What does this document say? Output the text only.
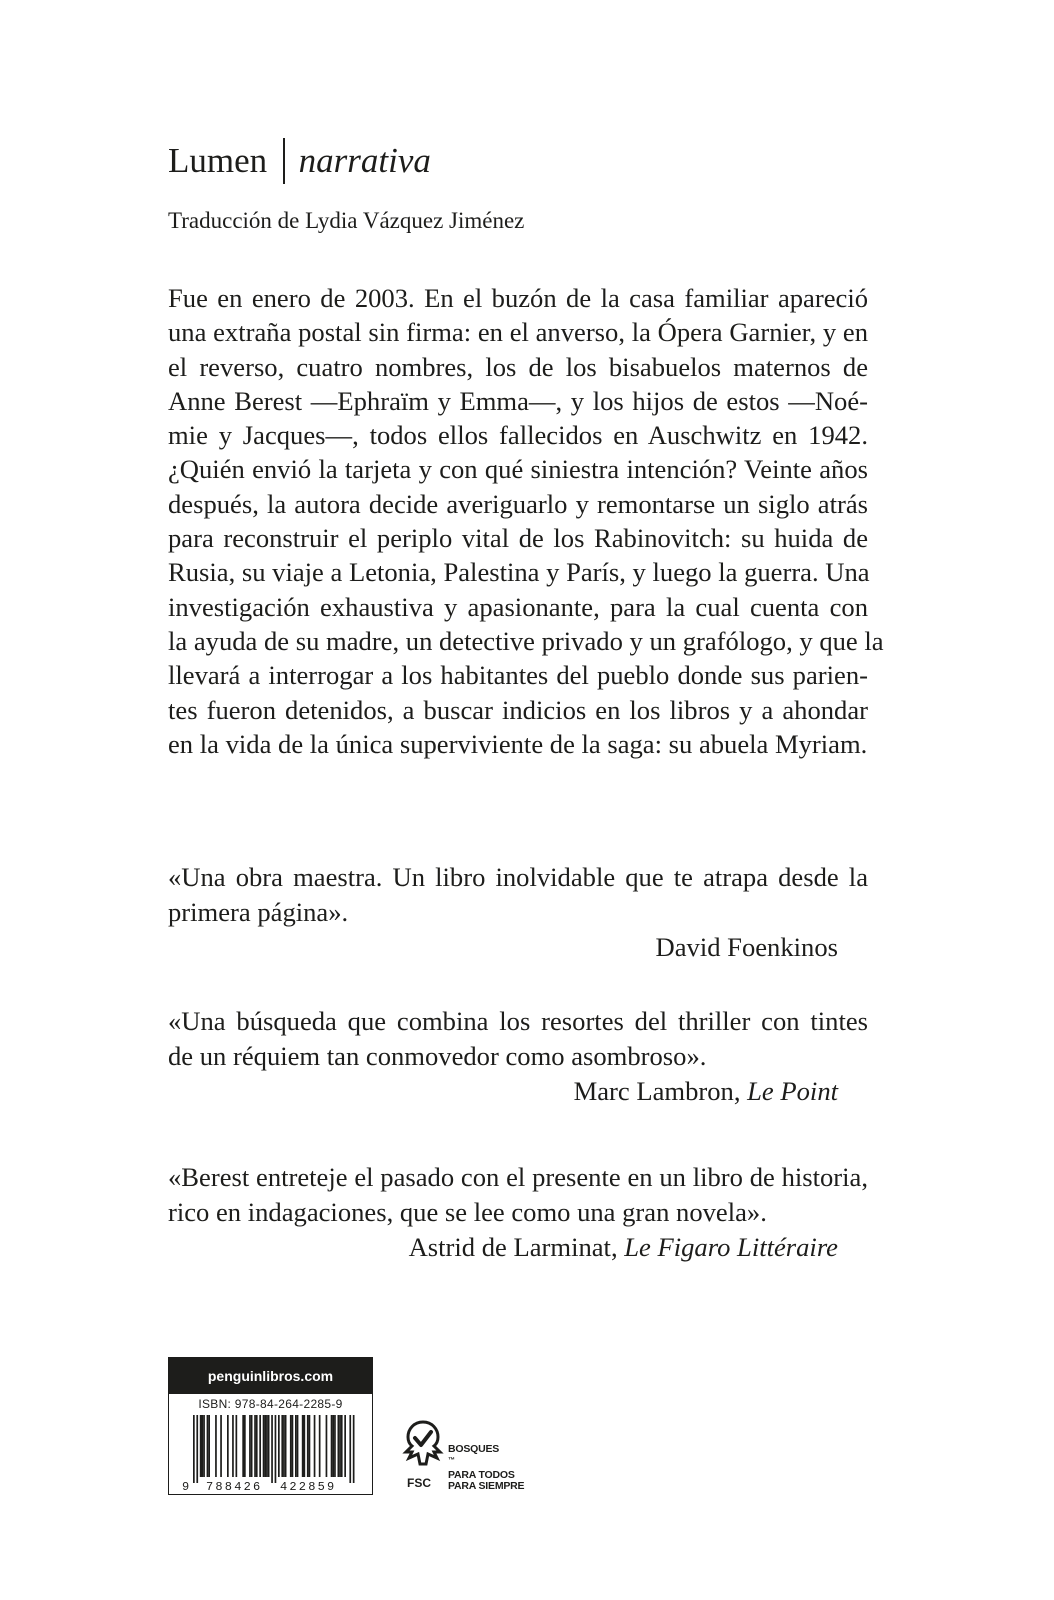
Lumen narrativa
Traducción de Lydia Vázquez Jiménez
Fue en enero de 2003. En el buzón de la casa familiar apareció
una extraña postal sin firma: en el anverso, la Ópera Garnier, y en
el reverso, cuatro nombres, los de los bisabuelos maternos de
Anne Berest —Ephraïm y Emma—, y los hijos de estos —Noé-
mie y Jacques—, todos ellos fallecidos en Auschwitz en 1942.
¿Quién envió la tarjeta y con qué siniestra intención? Veinte años
después, la autora decide averiguarlo y remontarse un siglo atrás
para reconstruir el periplo vital de los Rabinovitch: su huida de
Rusia, su viaje a Letonia, Palestina y París, y luego la guerra. Una
investigación exhaustiva y apasionante, para la cual cuenta con
la ayuda de su madre, un detective privado y un grafólogo, y que la
llevará a interrogar a los habitantes del pueblo donde sus parien-
tes fueron detenidos, a buscar indicios en los libros y a ahondar
en la vida de la única superviviente de la saga: su abuela Myriam.
«Una obra maestra. Un libro inolvidable que te atrapa desde la
primera página».
David Foenkinos
«Una búsqueda que combina los resortes del thriller con tintes
de un réquiem tan conmovedor como asombroso».
Marc Lambron, Le Point
«Berest entreteje el pasado con el presente en un libro de historia,
rico en indagaciones, que se lee como una gran novela».
Astrid de Larminat, Le Figaro Littéraire
penguinlibros.com
ISBN: 978-84-264-2285-9
9 788426 422859	FSC
BOSQUES
™
PARA TODOS
PARA SIEMPRE
